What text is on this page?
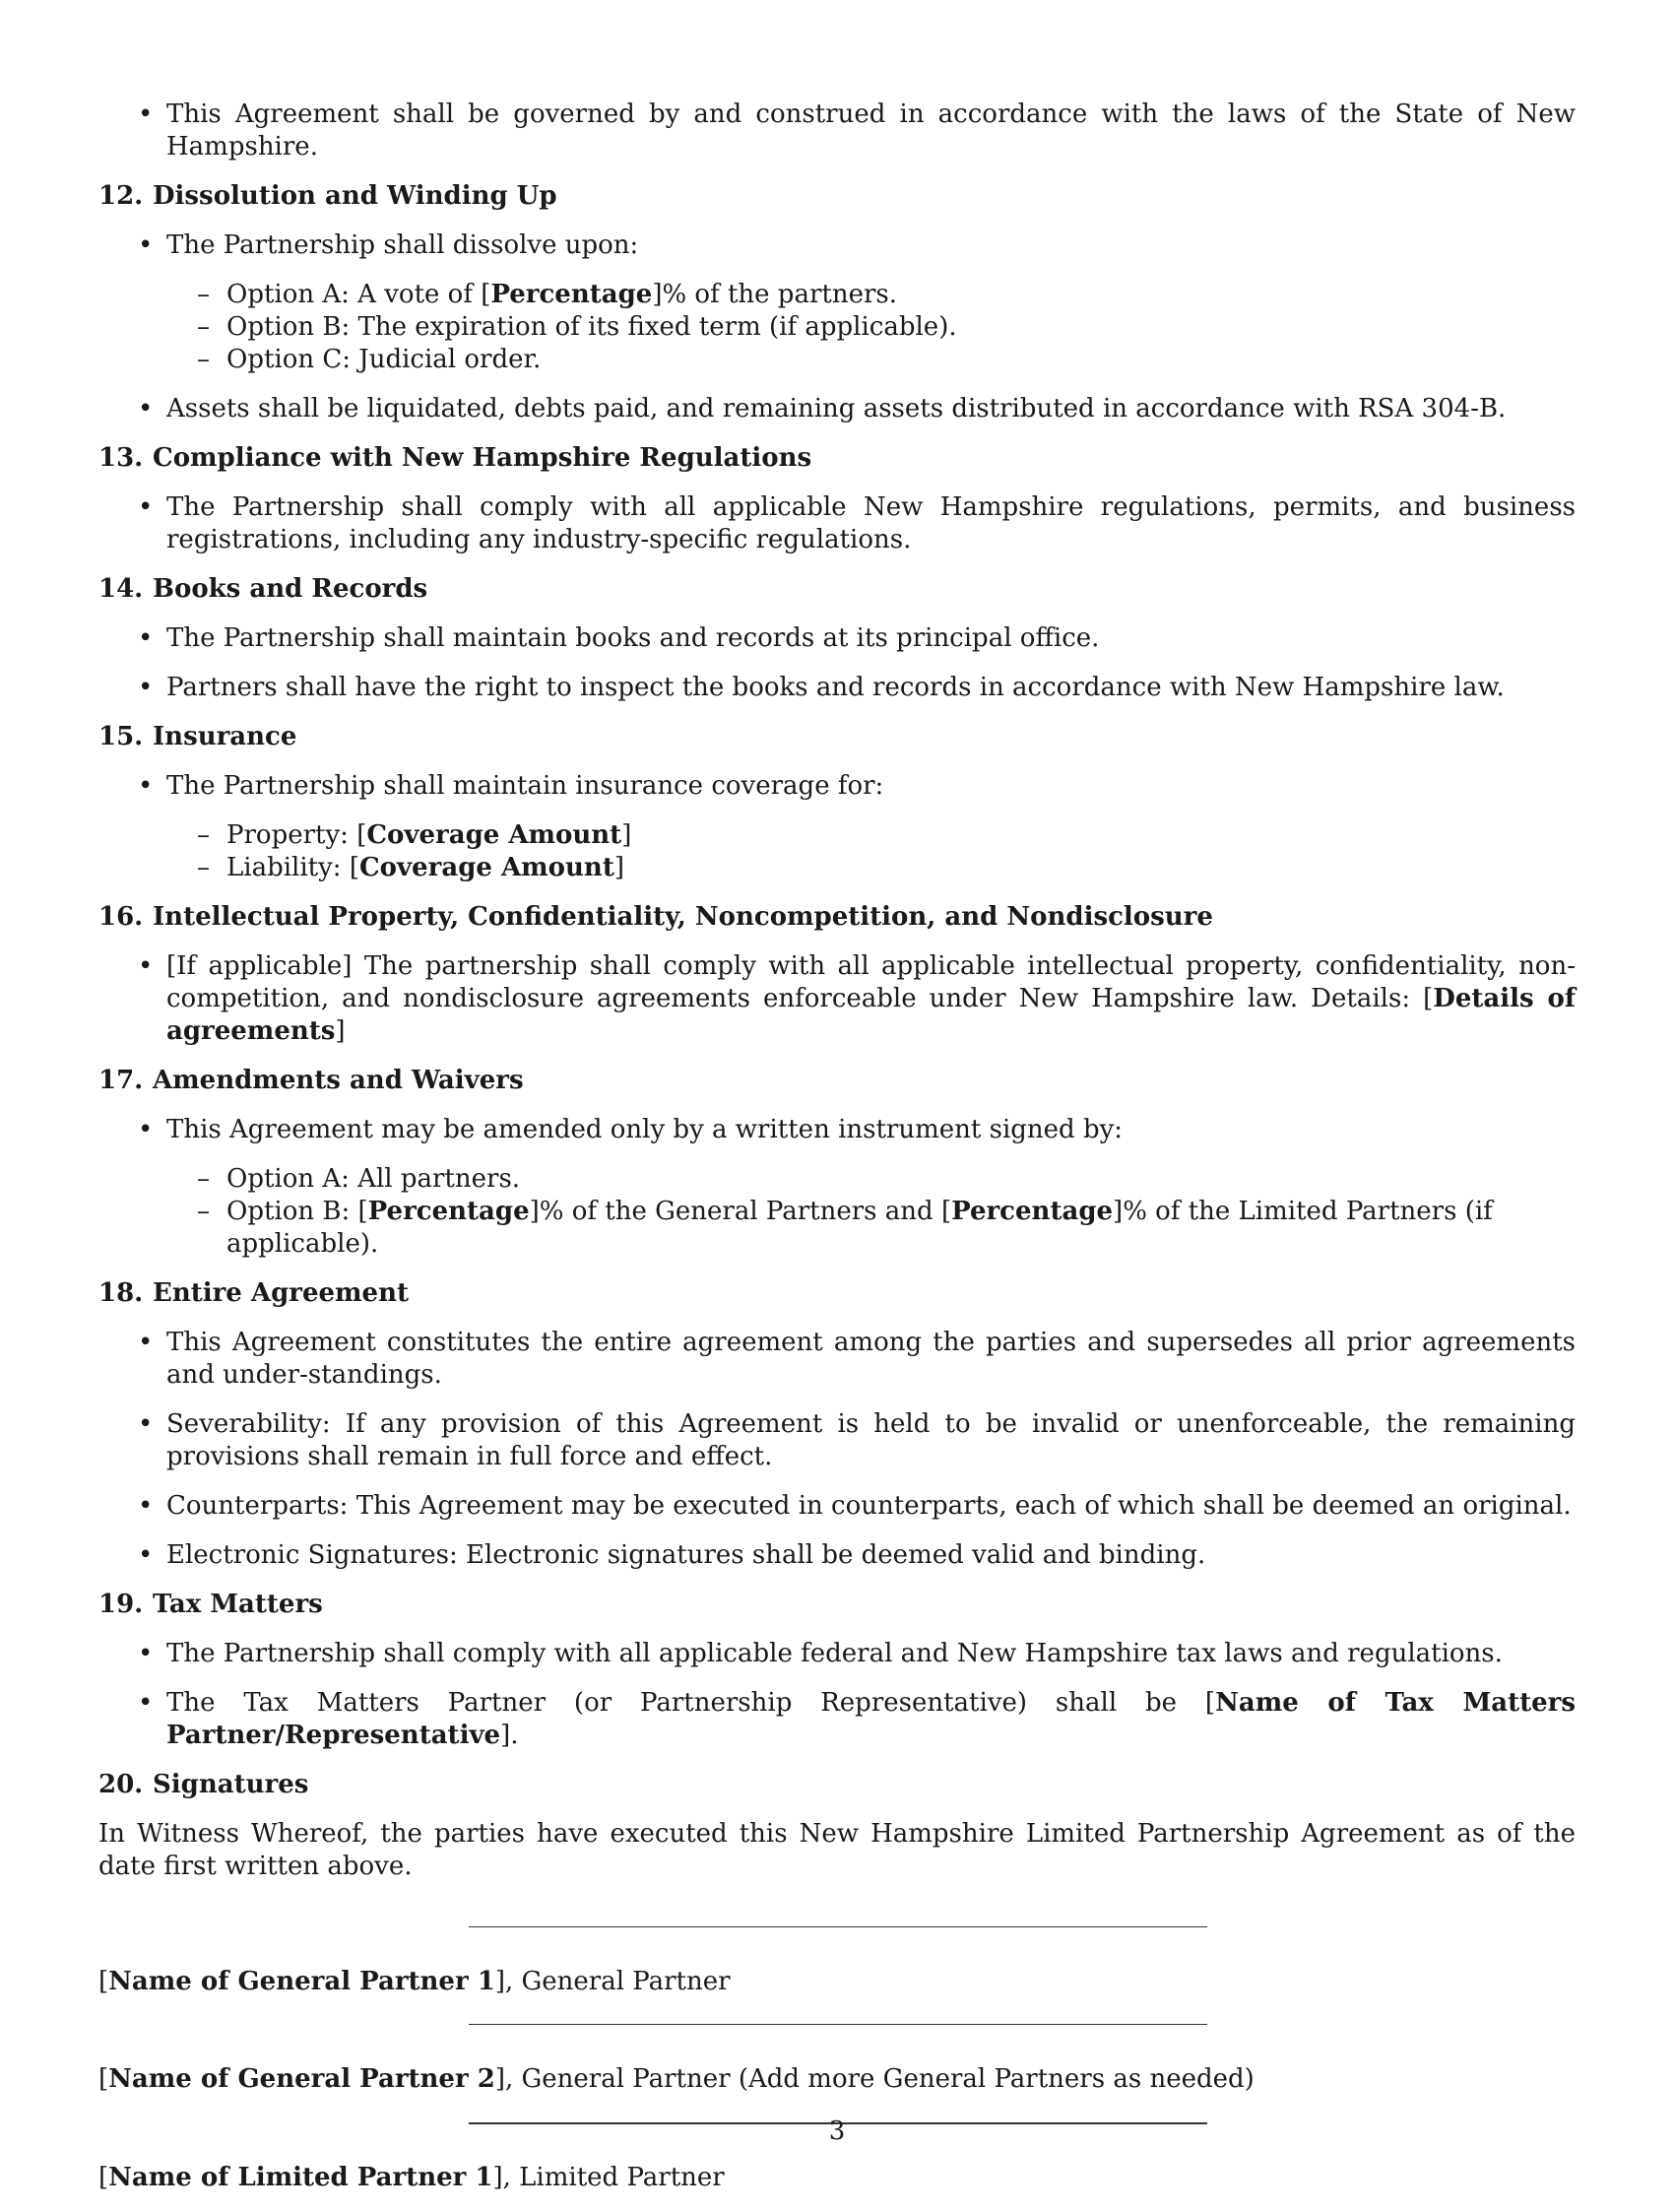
• This Agreement shall be governed by and construed in accordance with the laws of the State of New Hampshire.
12. Dissolution and Winding Up
• The Partnership shall dissolve upon:
– Option A: A vote of [Percentage]% of the partners.
– Option B: The expiration of its fixed term (if applicable).
– Option C: Judicial order.
• Assets shall be liquidated, debts paid, and remaining assets distributed in accordance with RSA 304-B.
13. Compliance with New Hampshire Regulations
• The Partnership shall comply with all applicable New Hampshire regulations, permits, and business registrations, including any industry-specific regulations.
14. Books and Records
• The Partnership shall maintain books and records at its principal office.
• Partners shall have the right to inspect the books and records in accordance with New Hampshire law.
15. Insurance
• The Partnership shall maintain insurance coverage for:
– Property: [Coverage Amount]
– Liability: [Coverage Amount]
16. Intellectual Property, Confidentiality, Noncompetition, and Nondisclosure
• [If applicable] The partnership shall comply with all applicable intellectual property, confidentiality, non-competition, and nondisclosure agreements enforceable under New Hampshire law. Details: [Details of agreements]
17. Amendments and Waivers
• This Agreement may be amended only by a written instrument signed by:
– Option A: All partners.
– Option B: [Percentage]% of the General Partners and [Percentage]% of the Limited Partners (if applicable).
18. Entire Agreement
• This Agreement constitutes the entire agreement among the parties and supersedes all prior agreements and under-standings.
• Severability: If any provision of this Agreement is held to be invalid or unenforceable, the remaining provisions shall remain in full force and effect.
• Counterparts: This Agreement may be executed in counterparts, each of which shall be deemed an original.
• Electronic Signatures: Electronic signatures shall be deemed valid and binding.
19. Tax Matters
• The Partnership shall comply with all applicable federal and New Hampshire tax laws and regulations.
• The Tax Matters Partner (or Partnership Representative) shall be [Name of Tax Matters Partner/Representative].
20. Signatures
In Witness Whereof, the parties have executed this New Hampshire Limited Partnership Agreement as of the date first written above.
[Name of General Partner 1], General Partner
[Name of General Partner 2], General Partner (Add more General Partners as needed)
[Name of Limited Partner 1], Limited Partner
3
